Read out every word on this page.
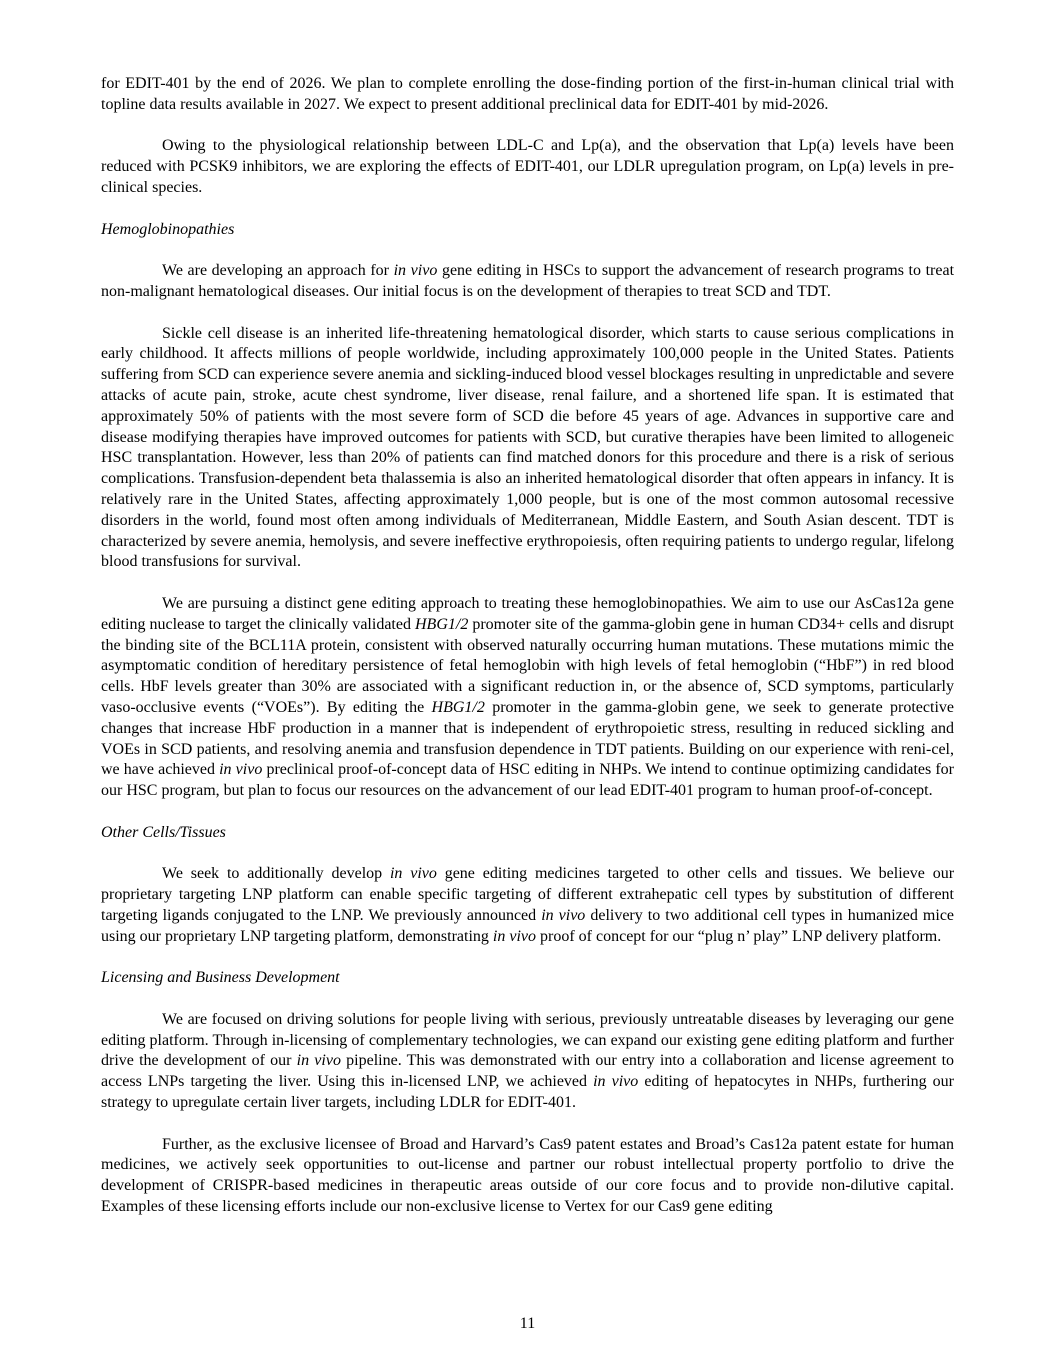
for EDIT-401 by the end of 2026. We plan to complete enrolling the dose-finding portion of the first-in-human clinical trial with topline data results available in 2027. We expect to present additional preclinical data for EDIT-401 by mid-2026.

Owing to the physiological relationship between LDL-C and Lp(a), and the observation that Lp(a) levels have been reduced with PCSK9 inhibitors, we are exploring the effects of EDIT-401, our LDLR upregulation program, on Lp(a) levels in pre-clinical species.

Hemoglobinopathies

We are developing an approach for in vivo gene editing in HSCs to support the advancement of research programs to treat non-malignant hematological diseases. Our initial focus is on the development of therapies to treat SCD and TDT.

Sickle cell disease is an inherited life-threatening hematological disorder, which starts to cause serious complications in early childhood. It affects millions of people worldwide, including approximately 100,000 people in the United States. Patients suffering from SCD can experience severe anemia and sickling-induced blood vessel blockages resulting in unpredictable and severe attacks of acute pain, stroke, acute chest syndrome, liver disease, renal failure, and a shortened life span. It is estimated that approximately 50% of patients with the most severe form of SCD die before 45 years of age. Advances in supportive care and disease modifying therapies have improved outcomes for patients with SCD, but curative therapies have been limited to allogeneic HSC transplantation. However, less than 20% of patients can find matched donors for this procedure and there is a risk of serious complications. Transfusion-dependent beta thalassemia is also an inherited hematological disorder that often appears in infancy. It is relatively rare in the United States, affecting approximately 1,000 people, but is one of the most common autosomal recessive disorders in the world, found most often among individuals of Mediterranean, Middle Eastern, and South Asian descent. TDT is characterized by severe anemia, hemolysis, and severe ineffective erythropoiesis, often requiring patients to undergo regular, lifelong blood transfusions for survival.

We are pursuing a distinct gene editing approach to treating these hemoglobinopathies. We aim to use our AsCas12a gene editing nuclease to target the clinically validated HBG1/2 promoter site of the gamma-globin gene in human CD34+ cells and disrupt the binding site of the BCL11A protein, consistent with observed naturally occurring human mutations. These mutations mimic the asymptomatic condition of hereditary persistence of fetal hemoglobin with high levels of fetal hemoglobin (“HbF”) in red blood cells. HbF levels greater than 30% are associated with a significant reduction in, or the absence of, SCD symptoms, particularly vaso-occlusive events (“VOEs”). By editing the HBG1/2 promoter in the gamma-globin gene, we seek to generate protective changes that increase HbF production in a manner that is independent of erythropoietic stress, resulting in reduced sickling and VOEs in SCD patients, and resolving anemia and transfusion dependence in TDT patients. Building on our experience with reni-cel, we have achieved in vivo preclinical proof-of-concept data of HSC editing in NHPs. We intend to continue optimizing candidates for our HSC program, but plan to focus our resources on the advancement of our lead EDIT-401 program to human proof-of-concept.

Other Cells/Tissues

We seek to additionally develop in vivo gene editing medicines targeted to other cells and tissues. We believe our proprietary targeting LNP platform can enable specific targeting of different extrahepatic cell types by substitution of different targeting ligands conjugated to the LNP. We previously announced in vivo delivery to two additional cell types in humanized mice using our proprietary LNP targeting platform, demonstrating in vivo proof of concept for our “plug n’ play” LNP delivery platform.

Licensing and Business Development

We are focused on driving solutions for people living with serious, previously untreatable diseases by leveraging our gene editing platform. Through in-licensing of complementary technologies, we can expand our existing gene editing platform and further drive the development of our in vivo pipeline. This was demonstrated with our entry into a collaboration and license agreement to access LNPs targeting the liver. Using this in-licensed LNP, we achieved in vivo editing of hepatocytes in NHPs, furthering our strategy to upregulate certain liver targets, including LDLR for EDIT-401.

Further, as the exclusive licensee of Broad and Harvard’s Cas9 patent estates and Broad’s Cas12a patent estate for human medicines, we actively seek opportunities to out-license and partner our robust intellectual property portfolio to drive the development of CRISPR-based medicines in therapeutic areas outside of our core focus and to provide non-dilutive capital. Examples of these licensing efforts include our non-exclusive license to Vertex for our Cas9 gene editing

11
